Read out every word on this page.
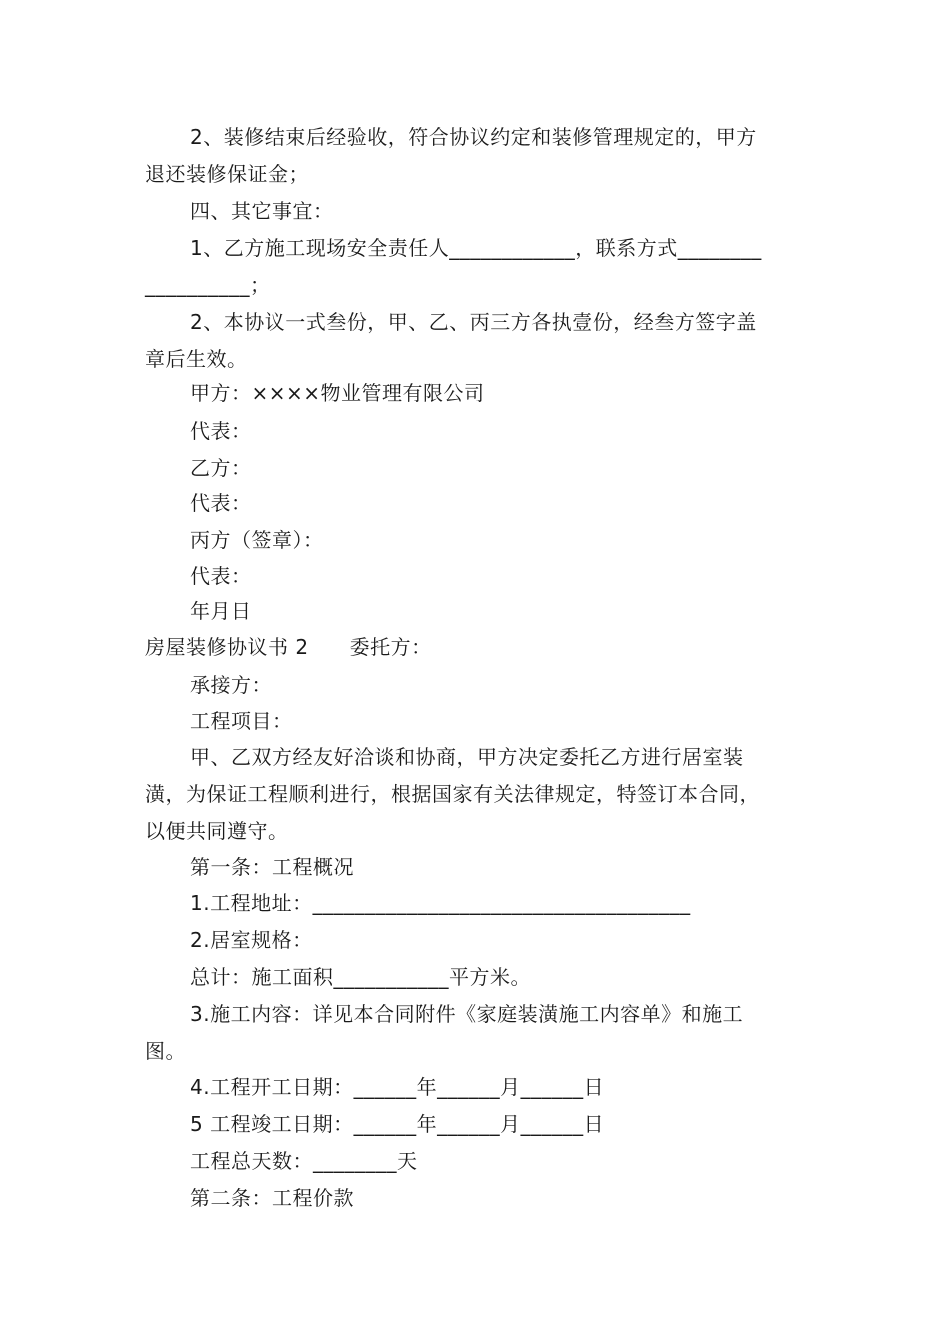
2、装修结束后经验收，符合协议约定和装修管理规定的，甲方
退还装修保证金；
四、其它事宜：
1、乙方施工现场安全责任人____________，联系方式________
__________；
2、本协议一式叁份，甲、乙、丙三方各执壹份，经叁方签字盖
章后生效。
甲方：××××物业管理有限公司
代表：
乙方：
代表：
丙方（签章）：
代表：
年月日
房屋装修协议书 2　　委托方：
承接方：
工程项目：
甲、乙双方经友好洽谈和协商，甲方决定委托乙方进行居室装
潢，为保证工程顺利进行，根据国家有关法律规定，特签订本合同，
以便共同遵守。
第一条：工程概况
1.工程地址：____________________________________
2.居室规格：
总计：施工面积___________平方米。
3.施工内容：详见本合同附件《家庭装潢施工内容单》和施工
图。
4.工程开工日期：______年______月______日
5 工程竣工日期：______年______月______日
工程总天数：________天
第二条：工程价款
